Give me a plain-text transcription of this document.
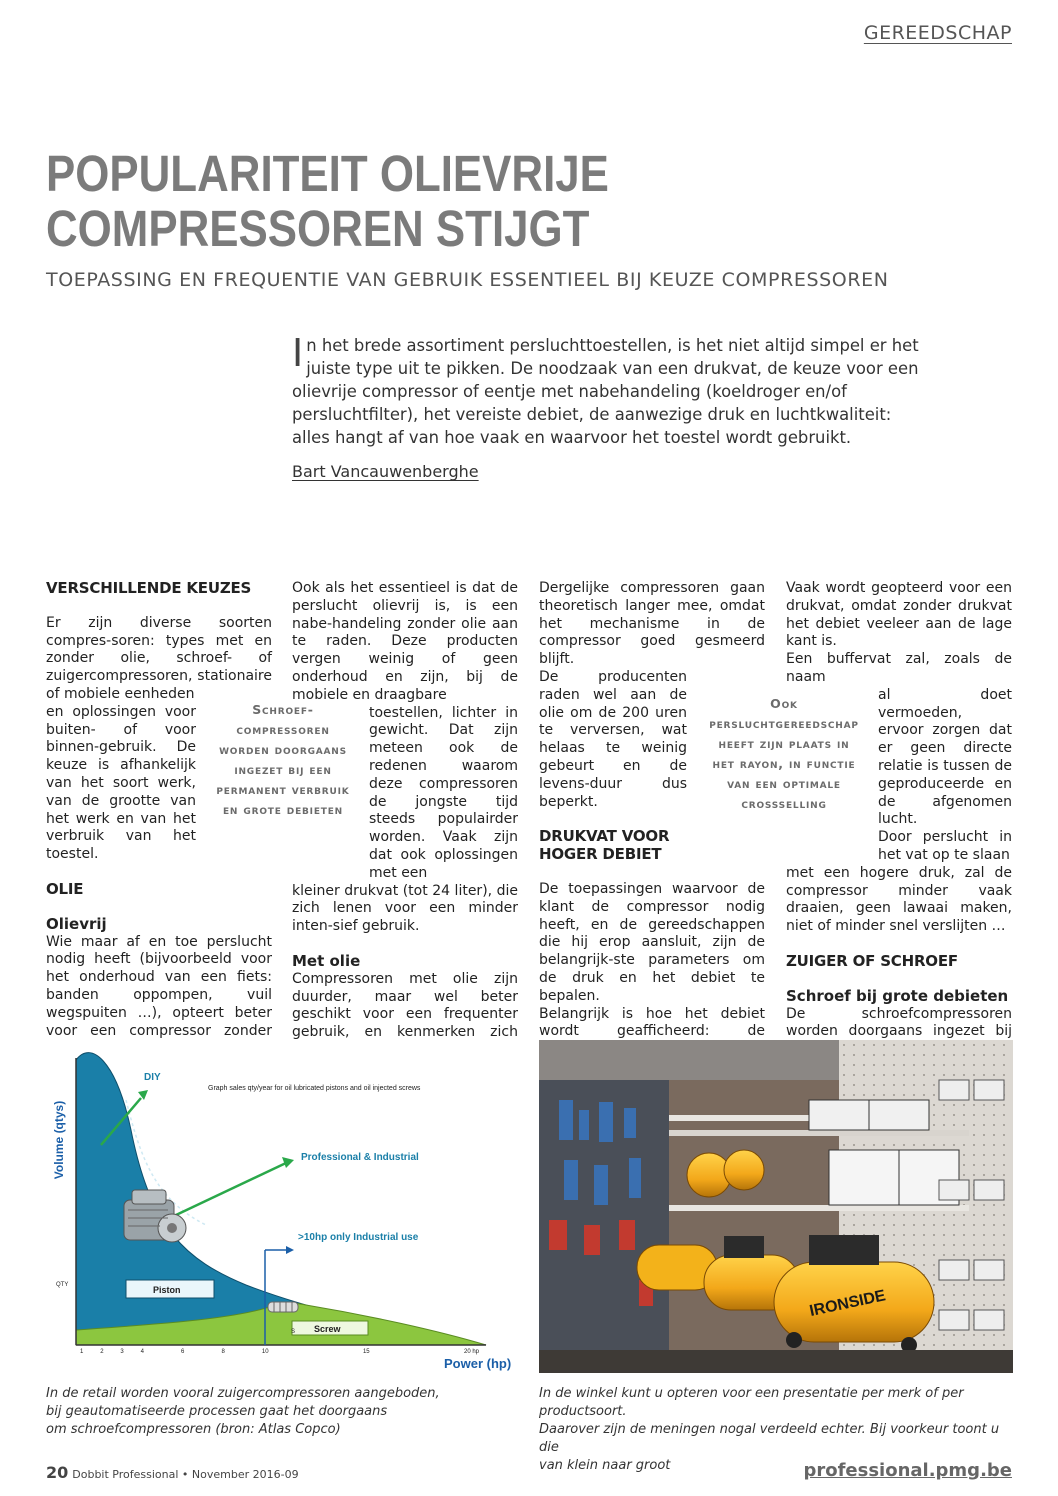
GEREEDSCHAP
POPULARITEIT OLIEVRIJE
COMPRESSOREN STIJGT
TOEPASSING EN FREQUENTIE VAN GEBRUIK ESSENTIEEL BIJ KEUZE COMPRESSOREN
In het brede assortiment persluchttoestellen, is het niet altijd simpel er het juiste type uit te pikken. De noodzaak van een drukvat, de keuze voor een olievrije compressor of eentje met nabehandeling (koeldroger en/of persluchtfilter), het vereiste debiet, de aanwezige druk en luchtkwaliteit: alles hangt af van hoe vaak en waarvoor het toestel wordt gebruikt.
Bart Vancauwenberghe

VERSCHILLENDE KEUZES

Er zijn diverse soorten compres-soren: types met en zonder olie, schroef- of zuigercompressoren, stationaire of mobiele eenheden

en oplossingen voor buiten- of voor binnen-gebruik. De keuze is afhankelijk van het soort werk, van de grootte van het werk en van het verbruik van het toestel.

OLIE

Olievrij

Wie maar af en toe perslucht nodig heeft (bijvoorbeeld voor het onderhoud van een fiets: banden oppompen, vuil wegspuiten …), opteert beter voor een compressor zonder

Ook als het essentieel is dat de perslucht olievrij is, is een nabe-handeling zonder olie aan te raden. Deze producten vergen weinig of geen onderhoud en zijn, bij de mobiele en draagbare

toestellen, lichter in gewicht. Dat zijn meteen ook de redenen waarom deze compressoren de jongste tijd steeds populairder worden. Vaak zijn dat ook oplossingen met een

kleiner drukvat (tot 24 liter), die zich lenen voor een minder inten-sief gebruik.

Met olie

Compressoren met olie zijn duurder, maar wel beter geschikt voor een frequenter gebruik, en kenmerken zich

Schroef-
compressoren
worden doorgaans
ingezet bij een
permanent verbruik
en grote debieten

Dergelijke compressoren gaan theoretisch langer mee, omdat het mechanisme in de compressor goed gesmeerd blijft.

De producenten raden wel aan de olie om de 200 uren te verversen, wat helaas te weinig gebeurt en de levens-duur dus beperkt.

DRUKVAT VOOR

HOGER DEBIET

De toepassingen waarvoor de klant de compressor nodig heeft, en de gereedschappen die hij erop aansluit, zijn de belangrijk-ste parameters om de druk en het debiet te bepalen.

Belangrijk is hoe het debiet wordt geafficheerd: de

Ook
persluchtgereedschap
heeft zijn plaats in
het rayon, in functie
van een optimale
crossselling

Vaak wordt geopteerd voor een drukvat, omdat zonder drukvat het debiet veeleer aan de lage kant is.

Een buffervat zal, zoals de naam

al doet vermoeden, ervoor zorgen dat er geen directe relatie is tussen de geproduceerde en de afgenomen lucht.

Door perslucht in het vat op te slaan

met een hogere druk, zal de compressor minder vaak draaien, geen lawaai maken, niet of minder snel verslijten …

ZUIGER OF SCHROEF

Schroef bij grote debieten

De schroefcompressoren worden doorgaans ingezet bij

Graph sales qty/year for oil lubricated pistons and oil injected screws
Volume (qtys)
Power (hp)
QTY
DIY
Professional & Industrial
>10hp only Industrial use
Piston
Screw
S
1	2	3	4	6	8	10	15	20 hp
IRONSIDE
In de retail worden vooral zuigercompressoren aangeboden,
bij geautomatiseerde processen gaat het doorgaans
om schroefcompressoren (bron: Atlas Copco)
In de winkel kunt u opteren voor een presentatie per merk of per productsoort.
Daarover zijn de meningen nogal verdeeld echter. Bij voorkeur toont u die
van klein naar groot
20 Dobbit Professional • November 2016-09	professional.pmg.be
